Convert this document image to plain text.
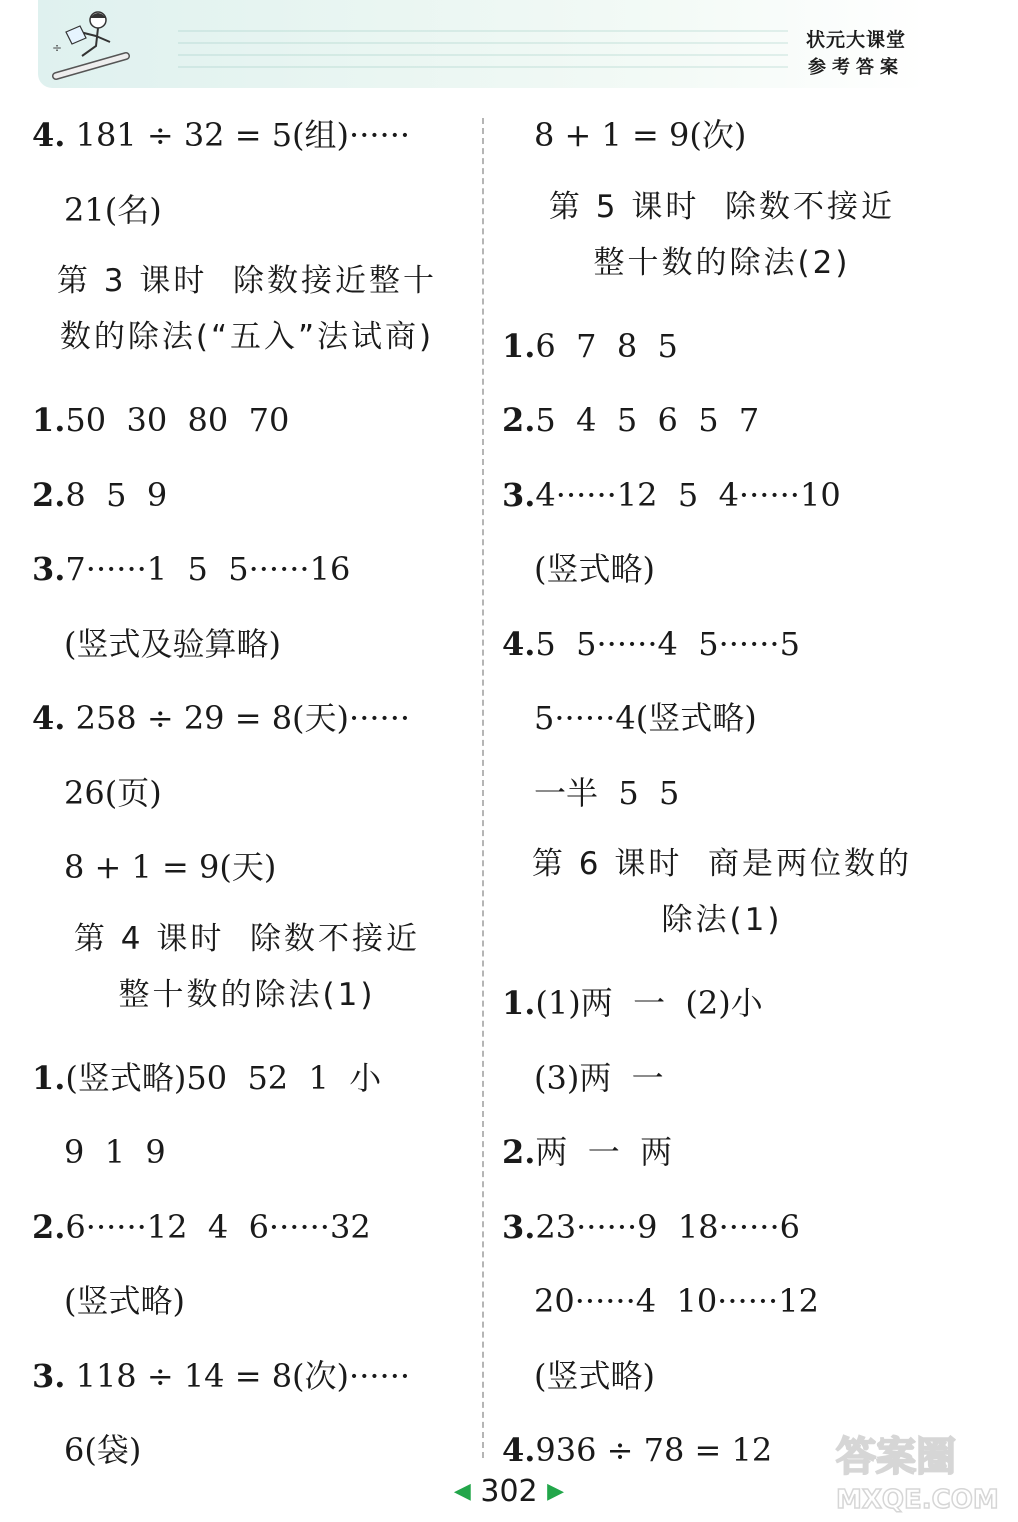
÷	状元大课堂
参考答案
4. 181 ÷ 32 = 5(组)······
21(名)
第 3 课时  除数接近整十
数的除法(“五入”法试商)
1.50  30  80  70
2.8  5  9
3.7······1  5  5······16
(竖式及验算略)
4. 258 ÷ 29 = 8(天)······
26(页)
8 + 1 = 9(天)
第 4 课时  除数不接近
整十数的除法(1)
1.(竖式略)50  52  1  小
9  1  9
2.6······12  4  6······32
(竖式略)
3. 118 ÷ 14 = 8(次)······
6(袋)
8 + 1 = 9(次)
第 5 课时  除数不接近
整十数的除法(2)
1.6  7  8  5
2.5  4  5  6  5  7
3.4······12  5  4······10
(竖式略)
4.5  5······4  5······5
5······4(竖式略)
一半  5  5
第 6 课时  商是两位数的
除法(1)
1.(1)两  一  (2)小
(3)两  一
2.两  一  两
3.23······9  18······6
20······4  10······12
(竖式略)
4.936 ÷ 78 = 12
◀ 302 ▶
答案圈
MXQE.COM
